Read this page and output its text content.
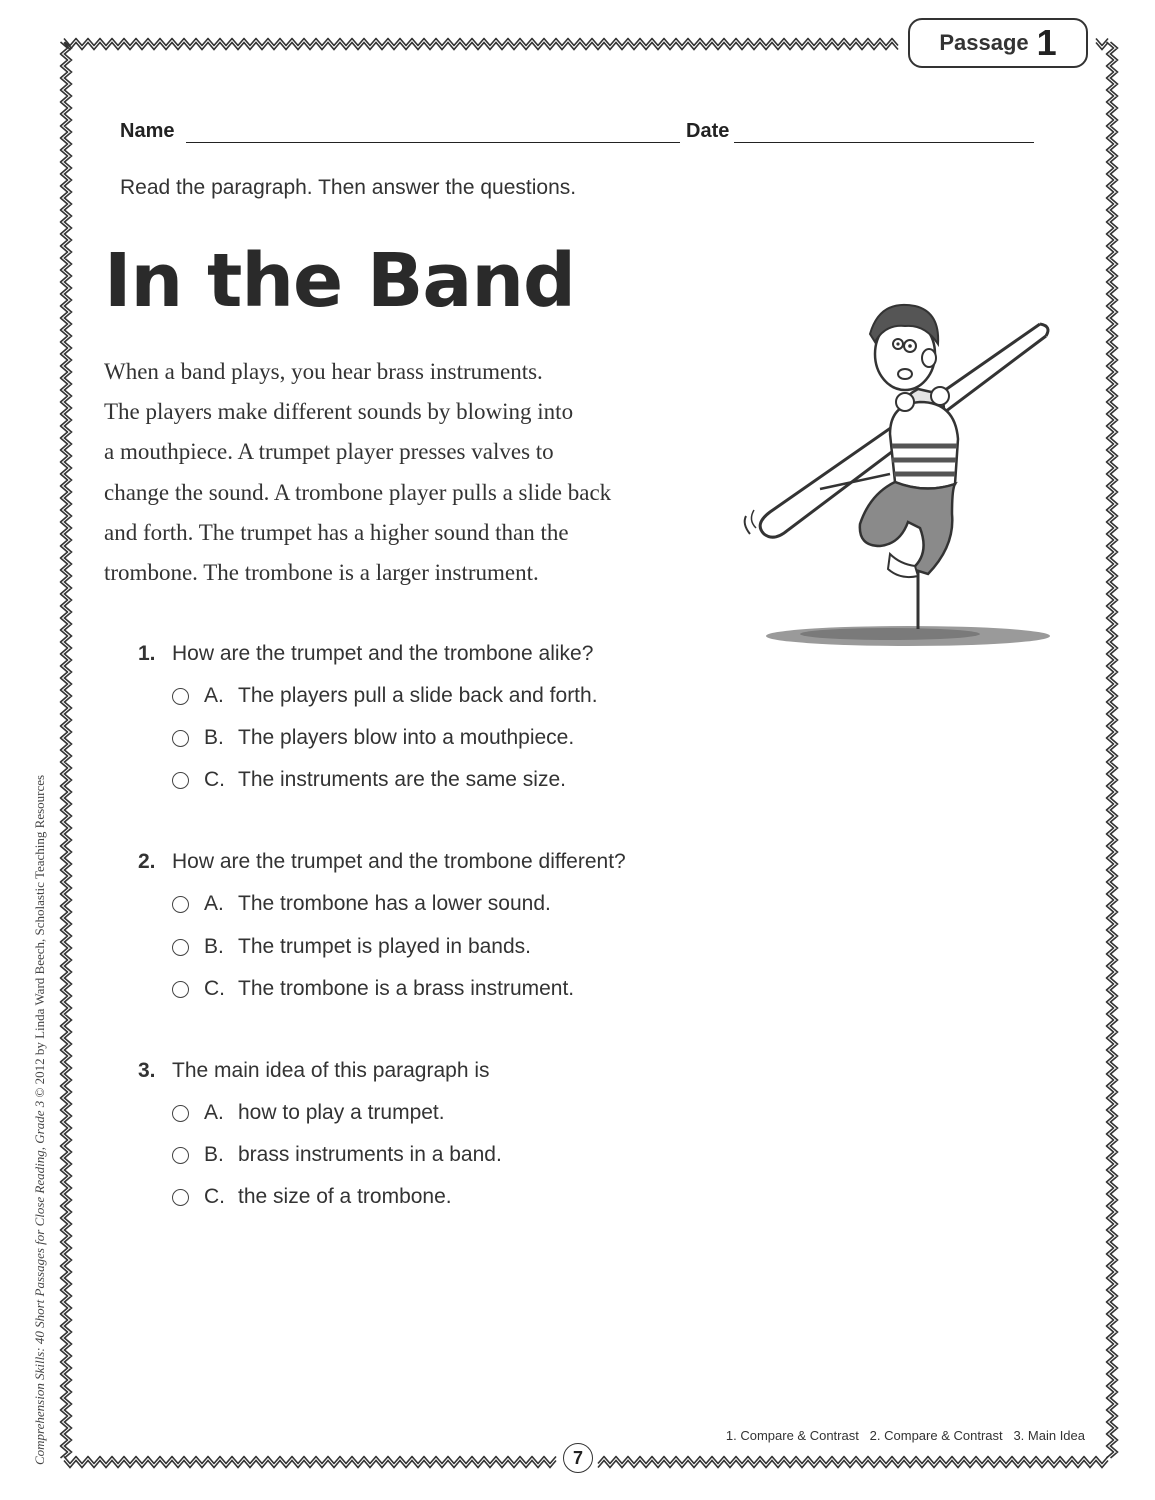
Passage 1
Name	Date
Read the paragraph. Then answer the questions.
In the Band
When a band plays, you hear brass instruments.
The players make different sounds by blowing into
a mouthpiece. A trumpet player presses valves to
change the sound. A trombone player pulls a slide back
and forth. The trumpet has a higher sound than the
trombone. The trombone is a larger instrument.
1. How are the trumpet and the trombone alike?
A. The players pull a slide back and forth.
B. The players blow into a mouthpiece.
C. The instruments are the same size.
2. How are the trumpet and the trombone different?
A. The trombone has a lower sound.
B. The trumpet is played in bands.
C. The trombone is a brass instrument.
3. The main idea of this paragraph is
A. how to play a trumpet.
B. brass instruments in a band.
C. the size of a trombone.
1. Compare & Contrast   2. Compare & Contrast   3. Main Idea
7
Comprehension Skills: 40 Short Passages for Close Reading, Grade 3 © 2012 by Linda Ward Beech, Scholastic Teaching Resources
